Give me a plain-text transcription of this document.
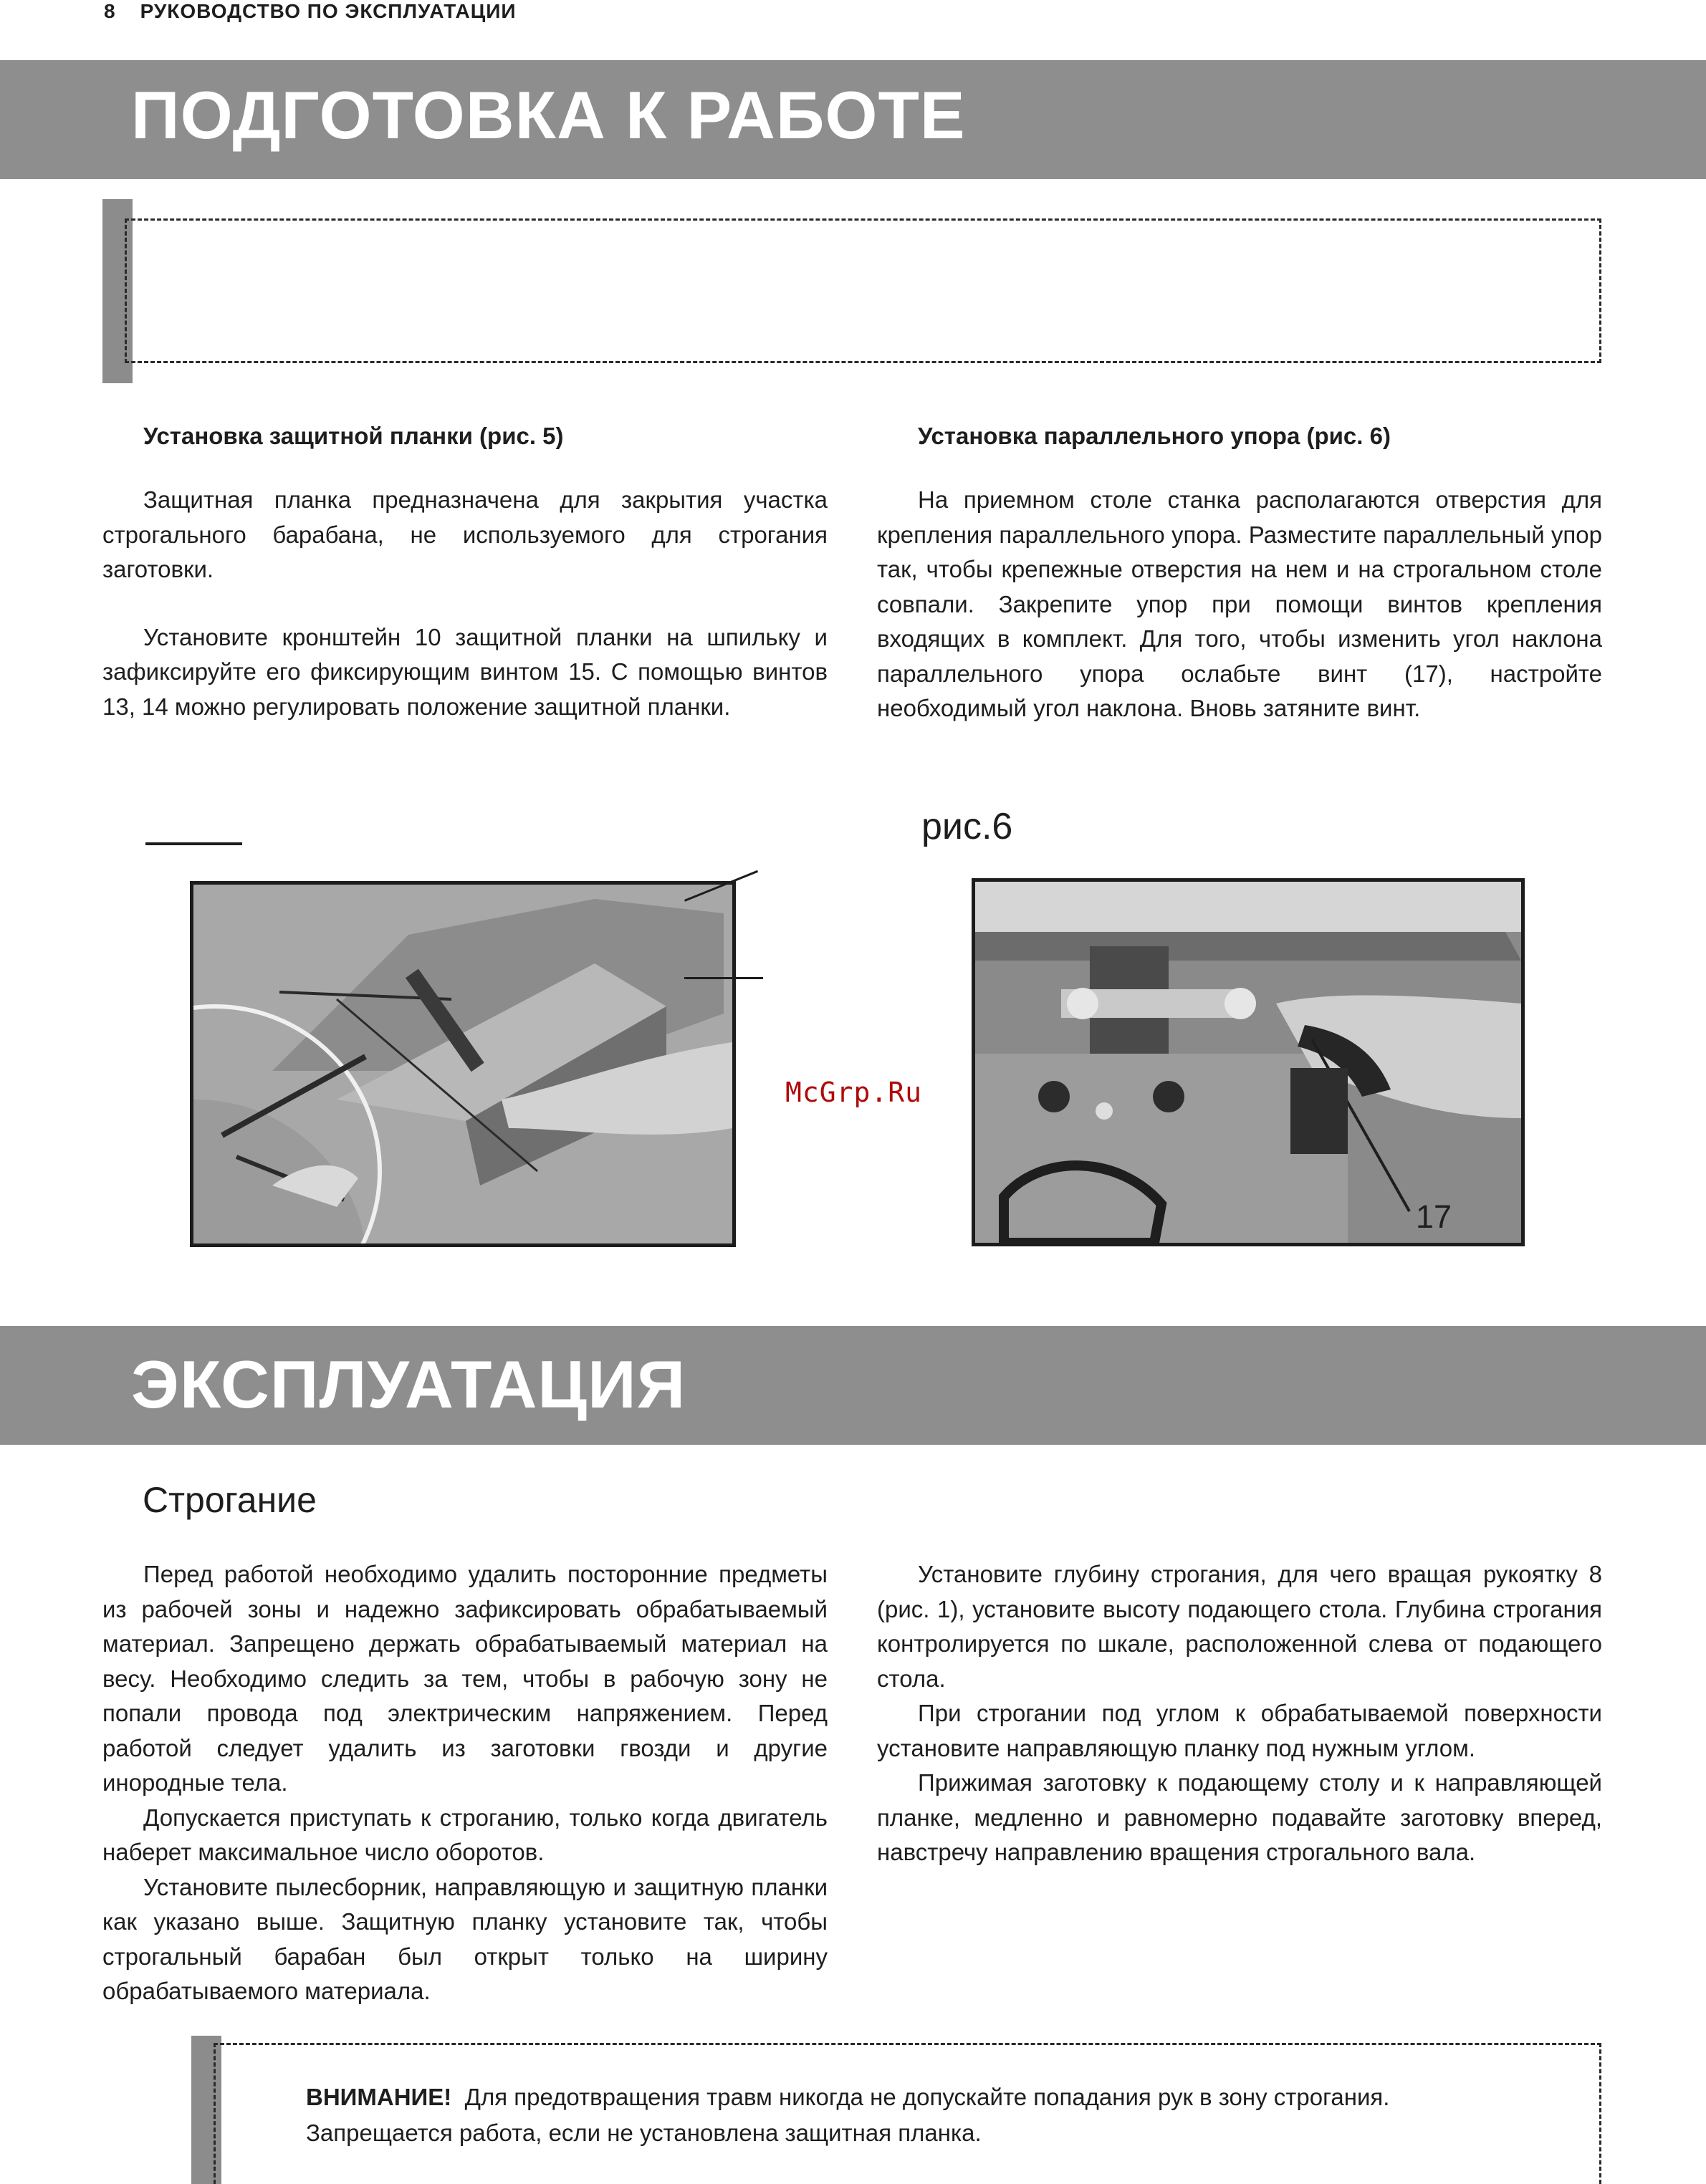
8 РУКОВОДСТВО ПО ЭКСПЛУАТАЦИИ
ПОДГОТОВКА К РАБОТЕ
Установка защитной планки (рис. 5)

Защитная планка предназначена для закрытия участка строгального барабана, не используемого для строгания заготовки.

Установите кронштейн 10 защитной планки на шпильку и зафиксируйте его фиксирующим винтом 15. С помощью винтов 13, 14 можно регулировать положение защитной планки.

Установка параллельного упора (рис. 6)

На приемном столе станка располагаются отверстия для крепления параллельного упора. Разместите параллельный упор так, чтобы крепежные отверстия на нем и на строгальном столе совпали. Закрепите упор при помощи винтов крепления входящих в комплект. Для того, чтобы изменить угол наклона параллельного упора ослабьте винт (17), настройте необходимый угол наклона. Вновь затяните винт.

McGrp.Ru
рис.6
17
ЭКСПЛУАТАЦИЯ
Строгание

Перед работой необходимо удалить посторонние предметы из рабочей зоны и надежно зафиксировать обрабатываемый материал. Запрещено держать обрабатываемый материал на весу. Необходимо следить за тем, чтобы в рабочую зону не попали провода под электрическим напряжением. Перед работой следует удалить из заготовки гвозди и другие инородные тела.

Допускается приступать к строганию, только когда двигатель наберет максимальное число оборотов.

Установите пылесборник, направляющую и защитную планки как указано выше. Защитную планку установите так, чтобы строгальный барабан был открыт только на ширину обрабатываемого материала.

Установите глубину строгания, для чего вращая рукоятку 8 (рис. 1), установите высоту подающего стола. Глубина строгания контролируется по шкале, расположенной слева от подающего стола.

При строгании под углом к обрабатываемой поверхности установите направляющую планку под нужным углом.

Прижимая заготовку к подающему столу и к направляющей планке, медленно и равномерно подавайте заготовку вперед, навстречу направлению вращения строгального вала.

ВНИМАНИЕ! Для предотвращения травм никогда не допускайте попадания рук в зону строгания.
Запрещается работа, если не установлена защитная планка.
